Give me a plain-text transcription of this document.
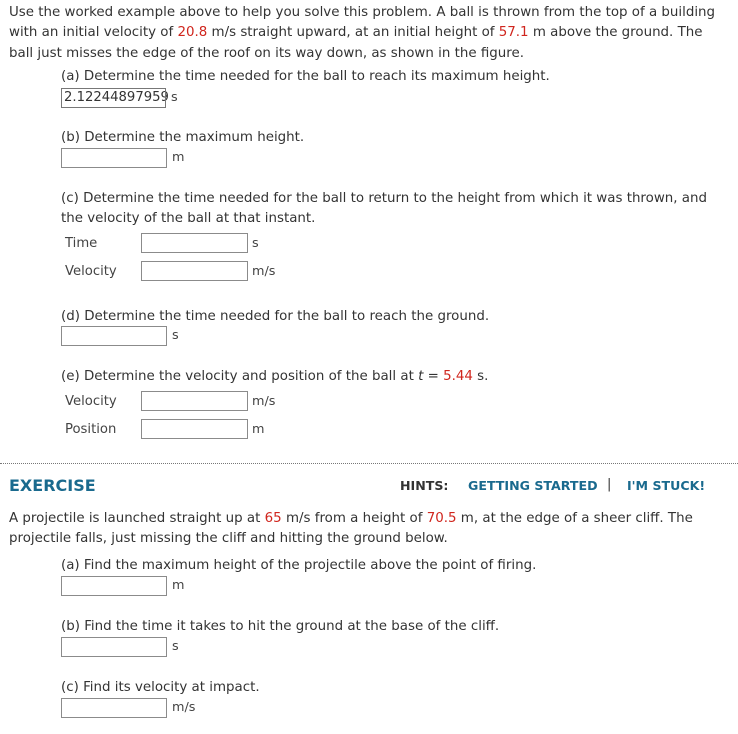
Use the worked example above to help you solve this problem. A ball is thrown from the top of a building with an initial velocity of 20.8 m/s straight upward, at an initial height of 57.1 m above the ground. The ball just misses the edge of the roof on its way down, as shown in the figure.
(a) Determine the time needed for the ball to reach its maximum height.
2.12244897959 s
(b) Determine the maximum height.
m
(c) Determine the time needed for the ball to return to the height from which it was thrown, and the velocity of the ball at that instant.
Time	s
Velocity	m/s
(d) Determine the time needed for the ball to reach the ground.
s
(e) Determine the velocity and position of the ball at t = 5.44 s.
Velocity	m/s
Position	m
EXERCISE	HINTS: GETTING STARTED | I'M STUCK!
A projectile is launched straight up at 65 m/s from a height of 70.5 m, at the edge of a sheer cliff. The projectile falls, just missing the cliff and hitting the ground below.
(a) Find the maximum height of the projectile above the point of firing.
m
(b) Find the time it takes to hit the ground at the base of the cliff.
s
(c) Find its velocity at impact.
m/s
